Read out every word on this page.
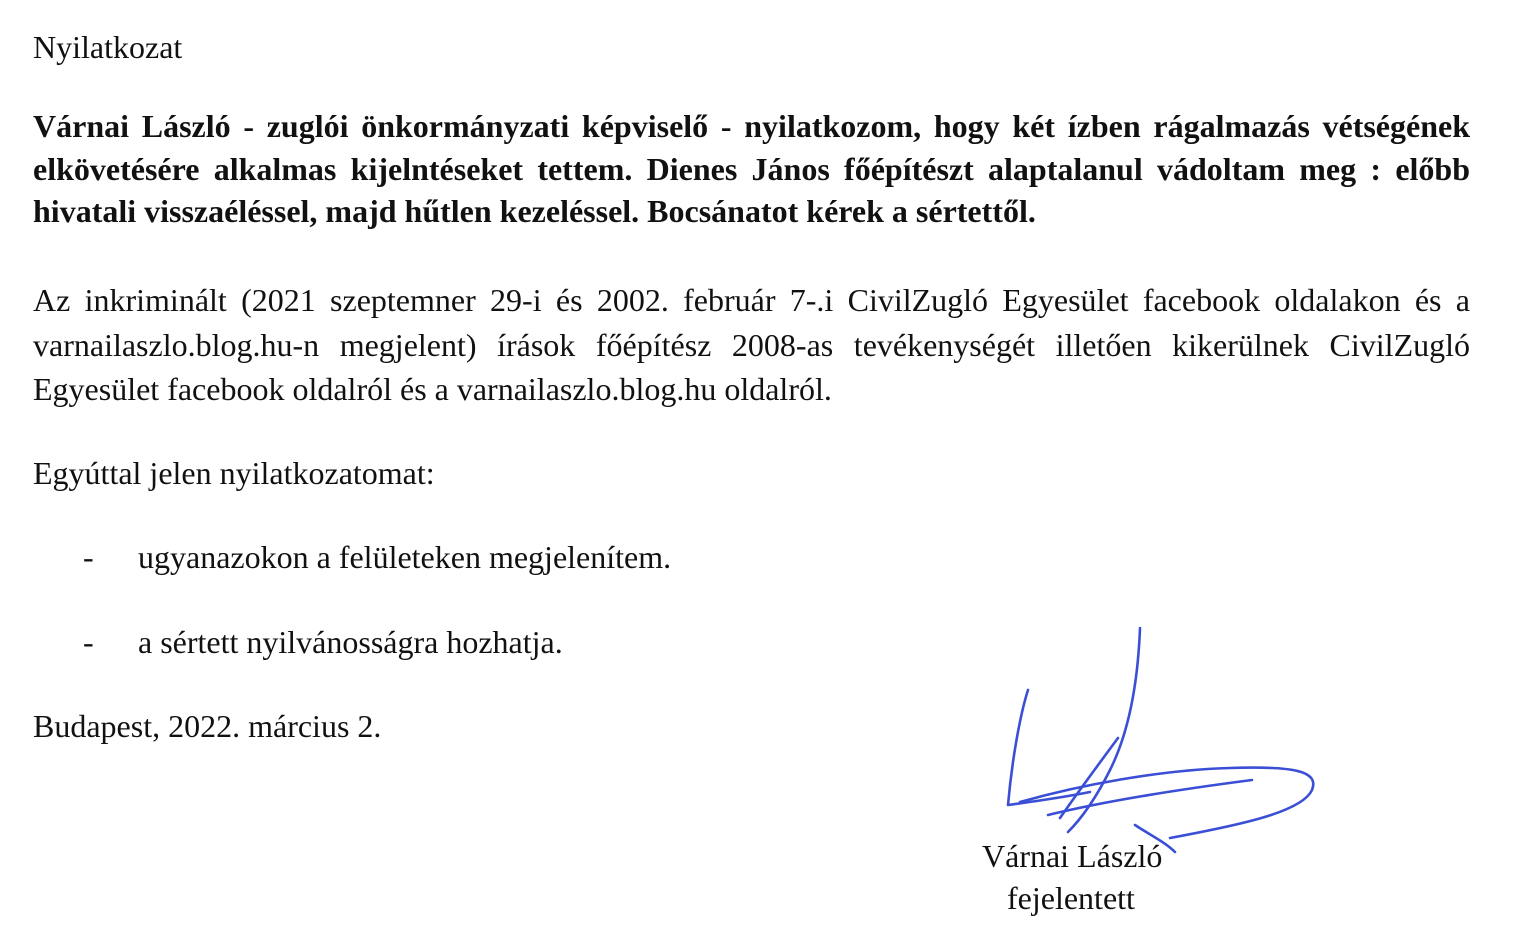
Nyilatkozat
Várnai László - zuglói önkormányzati képviselő - nyilatkozom, hogy két ízben rágalmazás vétségének elkövetésére alkalmas kijelntéseket tettem. Dienes János főépítészt alaptalanul vádoltam meg : előbb hivatali visszaéléssel, majd hűtlen kezeléssel. Bocsánatot kérek a sértettől.
Az inkriminált (2021 szeptemner 29-i és 2002. február 7-.i CivilZugló Egyesület facebook oldalakon és a varnailaszlo.blog.hu-n megjelent) írások főépítész 2008-as tevékenységét illetően kikerülnek CivilZugló Egyesület facebook oldalról és a varnailaszlo.blog.hu oldalról.
Egyúttal jelen nyilatkozatomat:
- ugyanazokon a felületeken megjelenítem.
- a sértett nyilvánosságra hozhatja.
Budapest, 2022. március 2.
Várnai László
fejelentett
